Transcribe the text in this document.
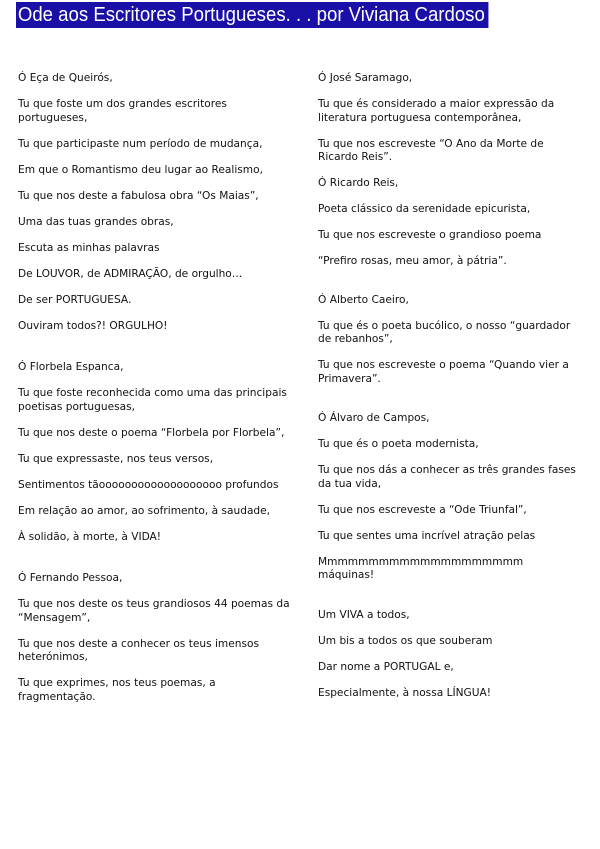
Ode aos Escritores Portugueses. . . por Viviana Cardoso
Ó Eça de Queirós,
Tu que foste um dos grandes escritores portugueses,
Tu que participaste num período de mudança,
Em que o Romantismo deu lugar ao Realismo,
Tu que nos deste a fabulosa obra “Os Maias”,
Uma das tuas grandes obras,
Escuta as minhas palavras
De LOUVOR, de ADMIRAÇÃO, de orgulho…
De ser PORTUGUESA.
Ouviram todos?! ORGULHO!
Ó Florbela Espanca,
Tu que foste reconhecida como uma das principais poetisas portuguesas,
Tu que nos deste o poema “Florbela por Florbela”,
Tu que expressaste, nos teus versos,
Sentimentos tãooooooooooooooooooo profundos
Em relação ao amor, ao sofrimento, à saudade,
À solidão, à morte, à VIDA!
Ó Fernando Pessoa,
Tu que nos deste os teus grandiosos 44 poemas da “Mensagem”,
Tu que nos deste a conhecer os teus imensos heterónimos,
Tu que exprimes, nos teus poemas, a fragmentação.
Ó José Saramago,
Tu que és considerado a maior expressão da literatura portuguesa contemporânea,
Tu que nos escreveste “O Ano da Morte de Ricardo Reis”.
Ó Ricardo Reis,
Poeta clássico da serenidade epicurista,
Tu que nos escreveste o grandioso poema
“Prefiro rosas, meu amor, à pátria”.
Ó Alberto Caeiro,
Tu que és o poeta bucólico, o nosso “guardador de rebanhos”,
Tu que nos escreveste o poema “Quando vier a Primavera”.
Ó Álvaro de Campos,
Tu que és o poeta modernista,
Tu que nos dás a conhecer as três grandes fases da tua vida,
Tu que nos escreveste a “Ode Triunfal”,
Tu que sentes uma incrível atração pelas
Mmmmmmmmmmmmmmmmmmmm máquinas!
Um VIVA a todos,
Um bis a todos os que souberam
Dar nome a PORTUGAL e,
Especialmente, à nossa LÍNGUA!
